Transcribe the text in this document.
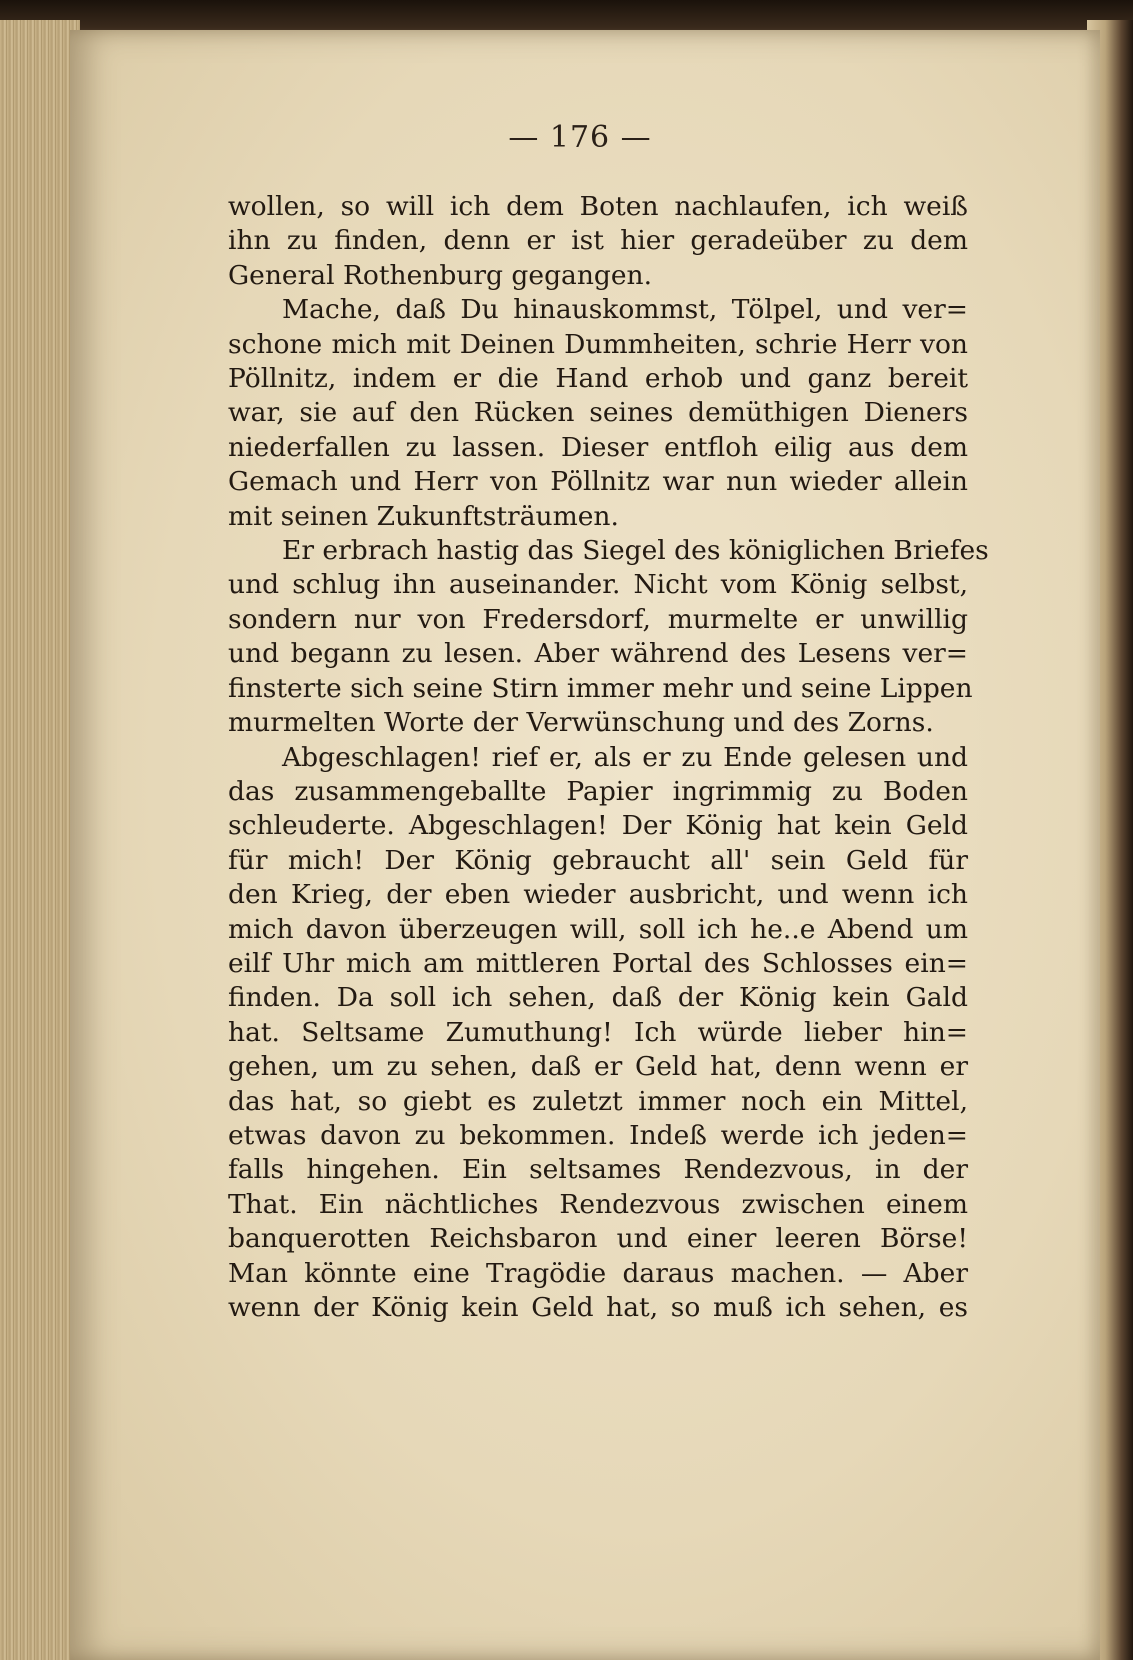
— 176 —
wollen, so will ich dem Boten nachlaufen, ich weiß
ihn zu finden, denn er ist hier geradeüber zu dem
General Rothenburg gegangen.
Mache, daß Du hinauskommst, Tölpel, und ver=
schone mich mit Deinen Dummheiten, schrie Herr von
Pöllnitz, indem er die Hand erhob und ganz bereit
war, sie auf den Rücken seines demüthigen Dieners
niederfallen zu lassen. Dieser entfloh eilig aus dem
Gemach und Herr von Pöllnitz war nun wieder allein
mit seinen Zukunftsträumen.
Er erbrach hastig das Siegel des königlichen Briefes
und schlug ihn auseinander. Nicht vom König selbst,
sondern nur von Fredersdorf, murmelte er unwillig
und begann zu lesen. Aber während des Lesens ver=
finsterte sich seine Stirn immer mehr und seine Lippen
murmelten Worte der Verwünschung und des Zorns.
Abgeschlagen! rief er, als er zu Ende gelesen und
das zusammengeballte Papier ingrimmig zu Boden
schleuderte. Abgeschlagen! Der König hat kein Geld
für mich! Der König gebraucht all' sein Geld für
den Krieg, der eben wieder ausbricht, und wenn ich
mich davon überzeugen will, soll ich he..e Abend um
eilf Uhr mich am mittleren Portal des Schlosses ein=
finden. Da soll ich sehen, daß der König kein Gald
hat. Seltsame Zumuthung! Ich würde lieber hin=
gehen, um zu sehen, daß er Geld hat, denn wenn er
das hat, so giebt es zuletzt immer noch ein Mittel,
etwas davon zu bekommen. Indeß werde ich jeden=
falls hingehen. Ein seltsames Rendezvous, in der
That. Ein nächtliches Rendezvous zwischen einem
banquerotten Reichsbaron und einer leeren Börse!
Man könnte eine Tragödie daraus machen. — Aber
wenn der König kein Geld hat, so muß ich sehen, es
